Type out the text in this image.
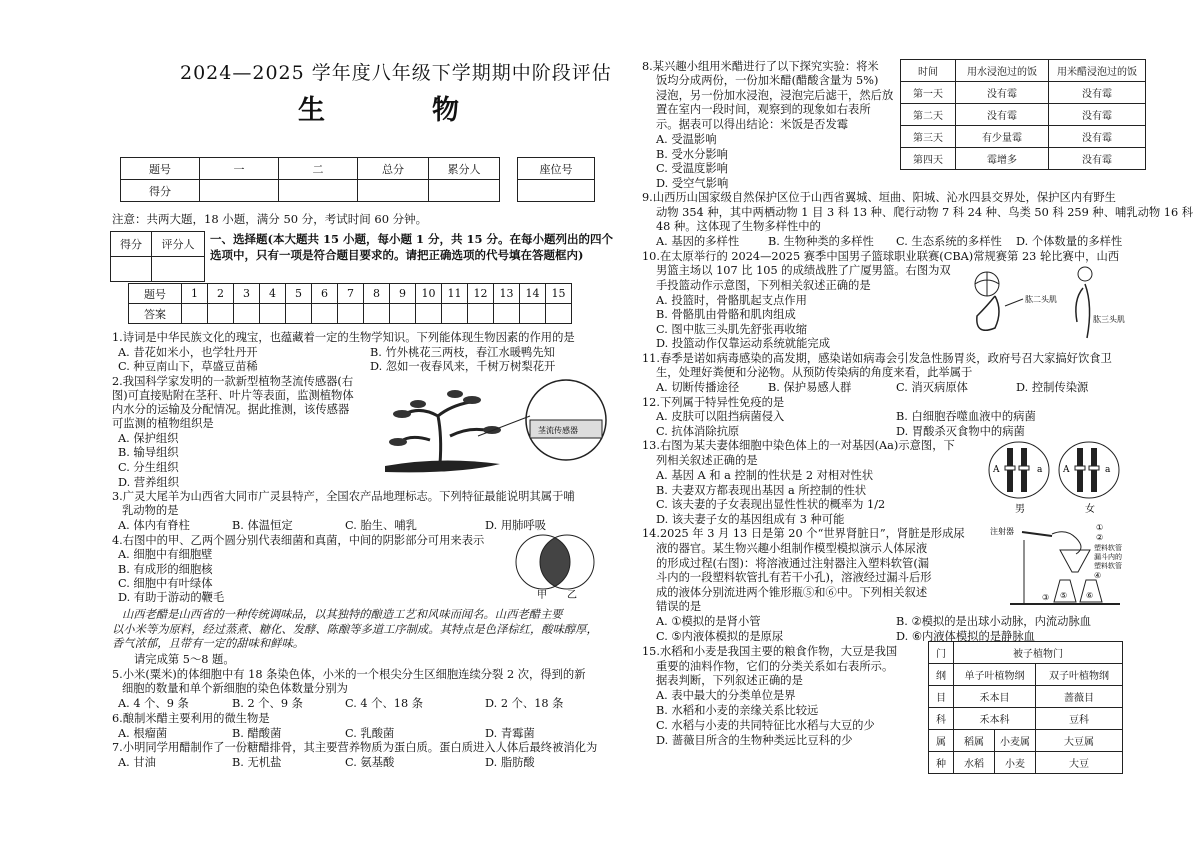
2024—2025 学年度八年级下学期期中阶段评估
生　物
题号	一	二	总分	累分人
得分				
座位号

注意：共两大题，18 小题，满分 50 分，考试时间 60 分钟。
得分	评分人
	一、选择题(本大题共 15 小题，每小题 1 分，共 15 分。在每小题列出的四个选项中，只有一项是符合题目要求的。请把正确选项的代号填在答题框内)
题号	1	2	3	4	5	6	7	8	9	10	11	12	13	14	15
答案															
1.诗词是中华民族文化的瑰宝，也蕴藏着一定的生物学知识。下列能体现生物因素的作用的是
A. 昔花如米小，也学牡丹开	B. 竹外桃花三两枝，春江水暖鸭先知
C. 种豆南山下，草盛豆苗稀	D. 忽如一夜春风来，千树万树梨花开
2.我国科学家发明的一款新型植物茎流传感器(右
图)可直接贴附在茎秆、叶片等表面，监测植物体
内水分的运输及分配情况。据此推测，该传感器
可监测的植物组织是
A. 保护组织
B. 输导组织
C. 分生组织
D. 营养组织
3.广灵大尾羊为山西省大同市广灵县特产，全国农产品地理标志。下列特征最能说明其属于哺
乳动物的是
A. 体内有脊柱	B. 体温恒定	C. 胎生、哺乳	D. 用肺呼吸
4.右图中的甲、乙两个圆分别代表细菌和真菌，中间的阴影部分可用来表示
A. 细胞中有细胞壁
B. 有成形的细胞核
C. 细胞中有叶绿体
D. 有助于游动的鞭毛
请完成第 5～8 题。
5.小米(粟米)的体细胞中有 18 条染色体，小米的一个根尖分生区细胞连续分裂 2 次，得到的新
细胞的数量和单个新细胞的染色体数量分别为
A. 4 个、9 条	B. 2 个、9 条	C. 4 个、18 条	D. 2 个、18 条
6.酿制米醋主要利用的微生物是
A. 根瘤菌	B. 醋酸菌	C. 乳酸菌	D. 青霉菌
7.小明同学用醋制作了一份糖醋排骨，其主要营养物质为蛋白质。蛋白质进入人体后最终被消化为
A. 甘油	B. 无机盐	C. 氨基酸	D. 脂肪酸
山西老醋是山西省的一种传统调味品，以其独特的酿造工艺和风味而闻名。山西老醋主要
以小米等为原料，经过蒸煮、糖化、发酵、陈酿等多道工序制成。其特点是色泽棕红，酸味醇厚，
香气浓郁，且带有一定的甜味和鲜味。
8.某兴趣小组用米醋进行了以下探究实验：将米
饭均分成两份，一份加米醋(醋酸含量为 5%)
浸泡，另一份加水浸泡，浸泡完后滤干，然后放
置在室内一段时间，观察到的现象如右表所
示。据表可以得出结论：米饭是否发霉
A. 受温影响
B. 受水分影响
C. 受温度影响
D. 受空气影响
9.山西历山国家级自然保护区位于山西省翼城、垣曲、阳城、沁水四县交界处，保护区内有野生
动物 354 种，其中两栖动物 1 目 3 科 13 种、爬行动物 7 科 24 种、鸟类 50 科 259 种、哺乳动物 16 科
48 种。这体现了生物多样性中的
A. 基因的多样性	B. 生物种类的多样性 C. 生态系统的多样性 D. 个体数量的多样性
10.在太原举行的 2024—2025 赛季中国男子篮球职业联赛(CBA)常规赛第 23 轮比赛中，山西
男篮主场以 107 比 105 的成绩战胜了广厦男篮。右图为双
手投篮动作示意图，下列相关叙述正确的是
A. 投篮时，骨骼肌起支点作用
B. 骨骼肌由骨骼和肌肉组成
C. 图中肱三头肌先舒张再收缩
D. 投篮动作仅靠运动系统就能完成
11.春季是诺如病毒感染的高发期，感染诺如病毒会引发急性肠胃炎，政府号召大家搞好饮食卫
生，处理好粪便和分泌物。从预防传染病的角度来看，此举属于
A. 切断传播途径	B. 保护易感人群	C. 消灭病原体	D. 控制传染源
12.下列属于特异性免疫的是
A. 皮肤可以阻挡病菌侵入	B. 白细胞吞噬血液中的病菌
C. 抗体消除抗原	D. 胃酸杀灭食物中的病菌
13.右图为某夫妻体细胞中染色体上的一对基因(Aa)示意图，下
列相关叙述正确的是
A. 基因 A 和 a 控制的性状是 2 对相对性状
B. 夫妻双方都表现出基因 a 所控制的性状
C. 该夫妻的子女表现出显性性状的概率为 1/2
D. 该夫妻子女的基因组成有 3 种可能
14.2025 年 3 月 13 日是第 20 个“世界肾脏日”，肾脏是形成尿
液的器官。某生物兴趣小组制作模型模拟演示人体尿液
的形成过程(右图)：将溶液通过注射器注入塑料软管(漏
斗内的一段塑料软管扎有若干小孔)，溶液经过漏斗后形
成的液体分别流进两个锥形瓶⑤和⑥中。下列相关叙述
错误的是
A. ①模拟的是肾小管	B. ②模拟的是出球小动脉，内流动脉血
C. ⑤内液体模拟的是原尿	D. ⑥内液体模拟的是静脉血
15.水稻和小麦是我国主要的粮食作物，大豆是我国
重要的油料作物，它们的分类关系如右表所示。
据表判断，下列叙述正确的是
A. 表中最大的分类单位是界
B. 水稻和小麦的亲缘关系比较远
C. 水稻与小麦的共同特征比水稻与大豆的少
D. 蔷薇目所含的生物种类远比豆科的少
时间	用水浸泡过的饭	用米醋浸泡过的饭
第一天	没有霉	没有霉
第二天	没有霉	没有霉
第三天	有少量霉	没有霉
第四天	霉增多	没有霉
门	被子植物门		
纲	单子叶植物纲		双子叶植物纲
目	禾本目		蔷薇目
科	禾本科		豆科
属	稻属	小麦属	大豆属
种	水稻	小麦	大豆
茎流传感器
甲 乙
肱二头肌
肱三头肌
A	a
男
A	a
女
注射器	①
②
塑料软管
漏斗内的
塑料软管
④
③ ⑤ ⑥
